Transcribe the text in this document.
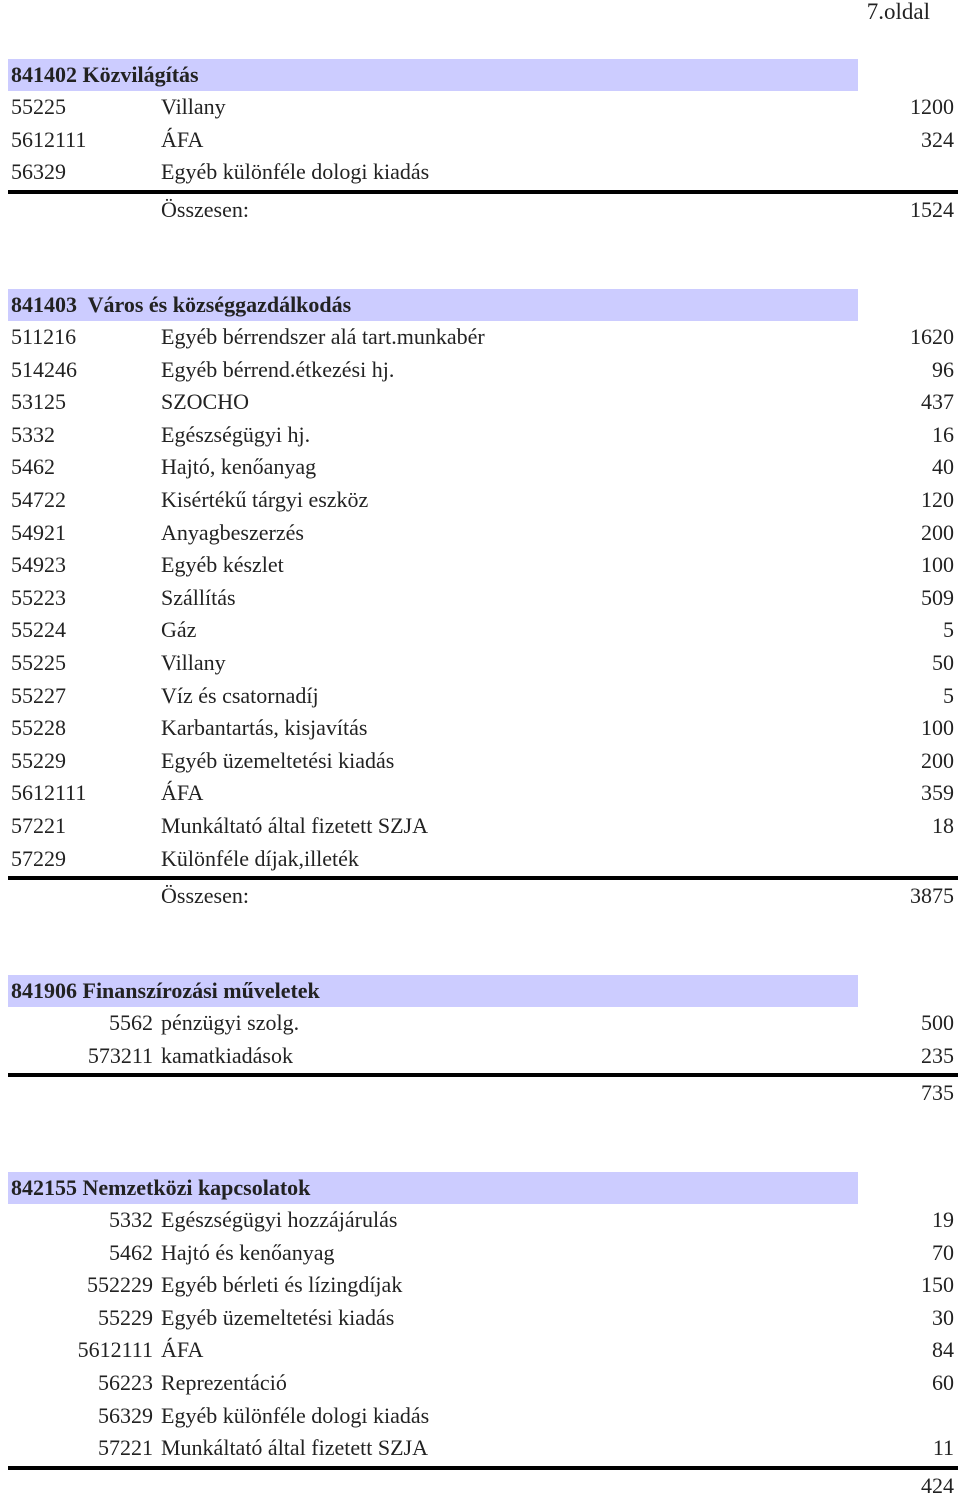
7.oldal
841402 Közvilágítás
55225	Villany	1200
5612111	ÁFA	324
56329	Egyéb különféle dologi kiadás
Összesen:	1524
841403  Város és községgazdálkodás
511216	Egyéb bérrendszer alá tart.munkabér	1620
514246	Egyéb bérrend.étkezési hj.	96
53125	SZOCHO	437
5332	Egészségügyi hj.	16
5462	Hajtó, kenőanyag	40
54722	Kisértékű tárgyi eszköz	120
54921	Anyagbeszerzés	200
54923	Egyéb készlet	100
55223	Szállítás	509
55224	Gáz	5
55225	Villany	50
55227	Víz és csatornadíj	5
55228	Karbantartás, kisjavítás	100
55229	Egyéb üzemeltetési kiadás	200
5612111	ÁFA	359
57221	Munkáltató által fizetett SZJA	18
57229	Különféle díjak,illeték
Összesen:	3875
841906 Finanszírozási műveletek
5562 pénzügyi szolg.	500
573211 kamatkiadások	235
735
842155 Nemzetközi kapcsolatok
5332 Egészségügyi hozzájárulás	19
5462 Hajtó és kenőanyag	70
552229 Egyéb bérleti és lízingdíjak	150
55229 Egyéb üzemeltetési kiadás	30
5612111 ÁFA	84
56223 Reprezentáció	60
56329 Egyéb különféle dologi kiadás
57221 Munkáltató által fizetett SZJA	11
424
